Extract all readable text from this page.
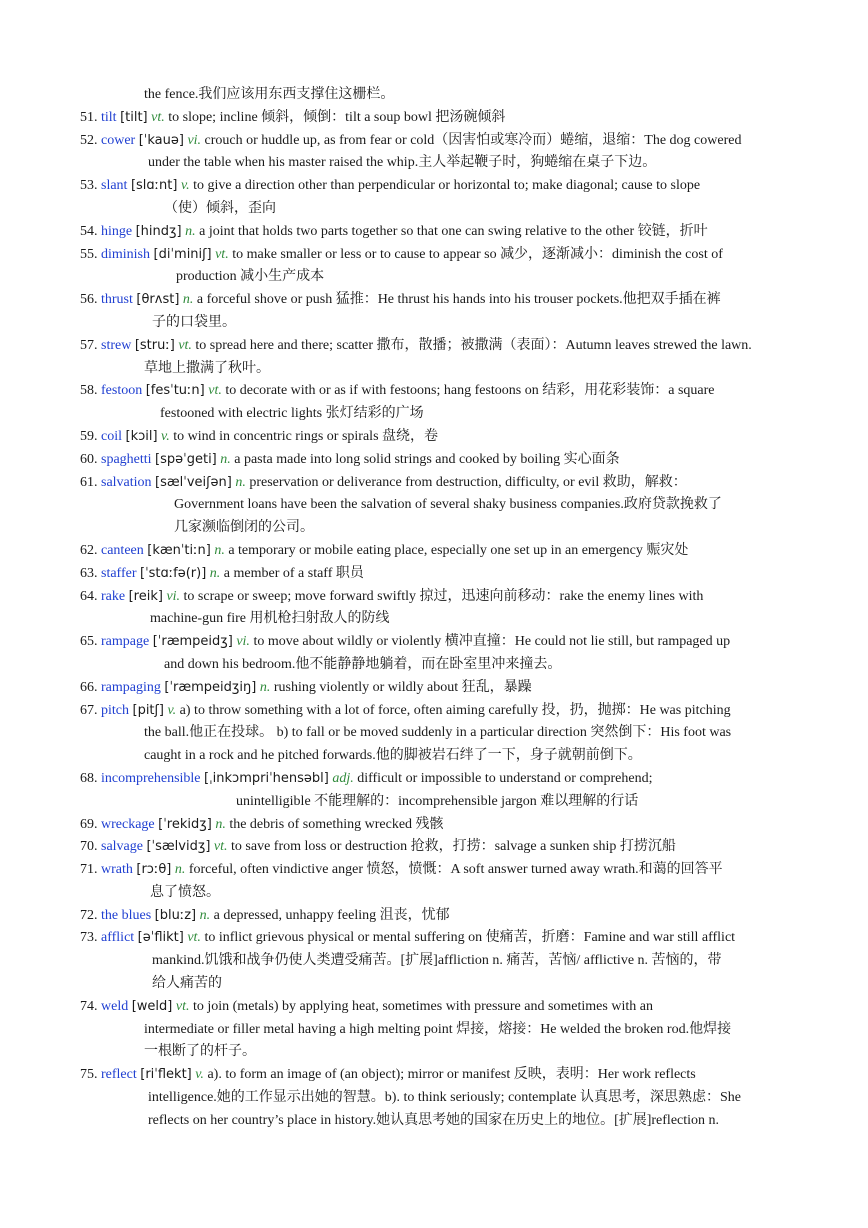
the fence.我们应该用东西支撑住这栅栏。
51. tilt [tilt] vt. to slope; incline 倾斜，倾倒：tilt a soup bowl 把汤碗倾斜
52. cower [ˈkauə] vi. crouch or huddle up, as from fear or cold（因害怕或寒冷而）蜷缩，退缩：The dog cowered
under the table when his master raised the whip.主人举起鞭子时，狗蜷缩在桌子下边。
53. slant [slɑːnt] v. to give a direction other than perpendicular or horizontal to; make diagonal; cause to slope
（使）倾斜，歪向
54. hinge [hindʒ] n. a joint that holds two parts together so that one can swing relative to the other 铰链，折叶
55. diminish [diˈminiʃ] vt. to make smaller or less or to cause to appear so 减少，逐渐减小：diminish the cost of
production 减小生产成本
56. thrust [θrʌst] n. a forceful shove or push 猛推：He thrust his hands into his trouser pockets.他把双手插在裤
子的口袋里。
57. strew [struː] vt. to spread here and there; scatter 撒布，散播；被撒满（表面）：Autumn leaves strewed the lawn.
草地上撒满了秋叶。
58. festoon [fesˈtuːn] vt. to decorate with or as if with festoons; hang festoons on 结彩，用花彩装饰：a square
festooned with electric lights 张灯结彩的广场
59. coil [kɔil] v. to wind in concentric rings or spirals 盘绕，卷
60. spaghetti [spəˈgeti] n. a pasta made into long solid strings and cooked by boiling 实心面条
61. salvation [sælˈveiʃən] n. preservation or deliverance from destruction, difficulty, or evil 救助，解救：
Government loans have been the salvation of several shaky business companies.政府贷款挽救了
几家濒临倒闭的公司。
62. canteen [kænˈtiːn] n. a temporary or mobile eating place, especially one set up in an emergency 赈灾处
63. staffer [ˈstɑːfə(r)] n. a member of a staff 职员
64. rake [reik] vi. to scrape or sweep; move forward swiftly 掠过，迅速向前移动：rake the enemy lines with
machine-gun fire 用机枪扫射敌人的防线
65. rampage [ˈræmpeidʒ] vi. to move about wildly or violently 横冲直撞：He could not lie still, but rampaged up
and down his bedroom.他不能静静地躺着，而在卧室里冲来撞去。
66. rampaging [ˈræmpeidʒiŋ] n. rushing violently or wildly about 狂乱，暴躁
67. pitch [pitʃ] v. a) to throw something with a lot of force, often aiming carefully 投，扔，抛掷：He was pitching
the ball.他正在投球。 b) to fall or be moved suddenly in a particular direction 突然倒下：His foot was
caught in a rock and he pitched forwards.他的脚被岩石绊了一下，身子就朝前倒下。
68. incomprehensible [ˌinkɔmpriˈhensəbl] adj. difficult or impossible to understand or comprehend;
unintelligible 不能理解的：incomprehensible jargon 难以理解的行话
69. wreckage [ˈrekidʒ] n. the debris of something wrecked 残骸
70. salvage [ˈsælvidʒ] vt. to save from loss or destruction 抢救，打捞：salvage a sunken ship 打捞沉船
71. wrath [rɔːθ] n. forceful, often vindictive anger 愤怒，愤慨：A soft answer turned away wrath.和蔼的回答平
息了愤怒。
72. the blues [bluːz] n. a depressed, unhappy feeling 沮丧，忧郁
73. afflict [əˈflikt] vt. to inflict grievous physical or mental suffering on 使痛苦，折磨：Famine and war still afflict
mankind.饥饿和战争仍使人类遭受痛苦。[扩展]affliction n. 痛苦，苦恼/ afflictive n. 苦恼的，带
给人痛苦的
74. weld [weld] vt. to join (metals) by applying heat, sometimes with pressure and sometimes with an
intermediate or filler metal having a high melting point 焊接，熔接：He welded the broken rod.他焊接
一根断了的杆子。
75. reflect [riˈflekt] v. a). to form an image of (an object); mirror or manifest 反映，表明：Her work reflects
intelligence.她的工作显示出她的智慧。b). to think seriously; contemplate 认真思考，深思熟虑：She
reflects on her country’s place in history.她认真思考她的国家在历史上的地位。[扩展]reflection n.
